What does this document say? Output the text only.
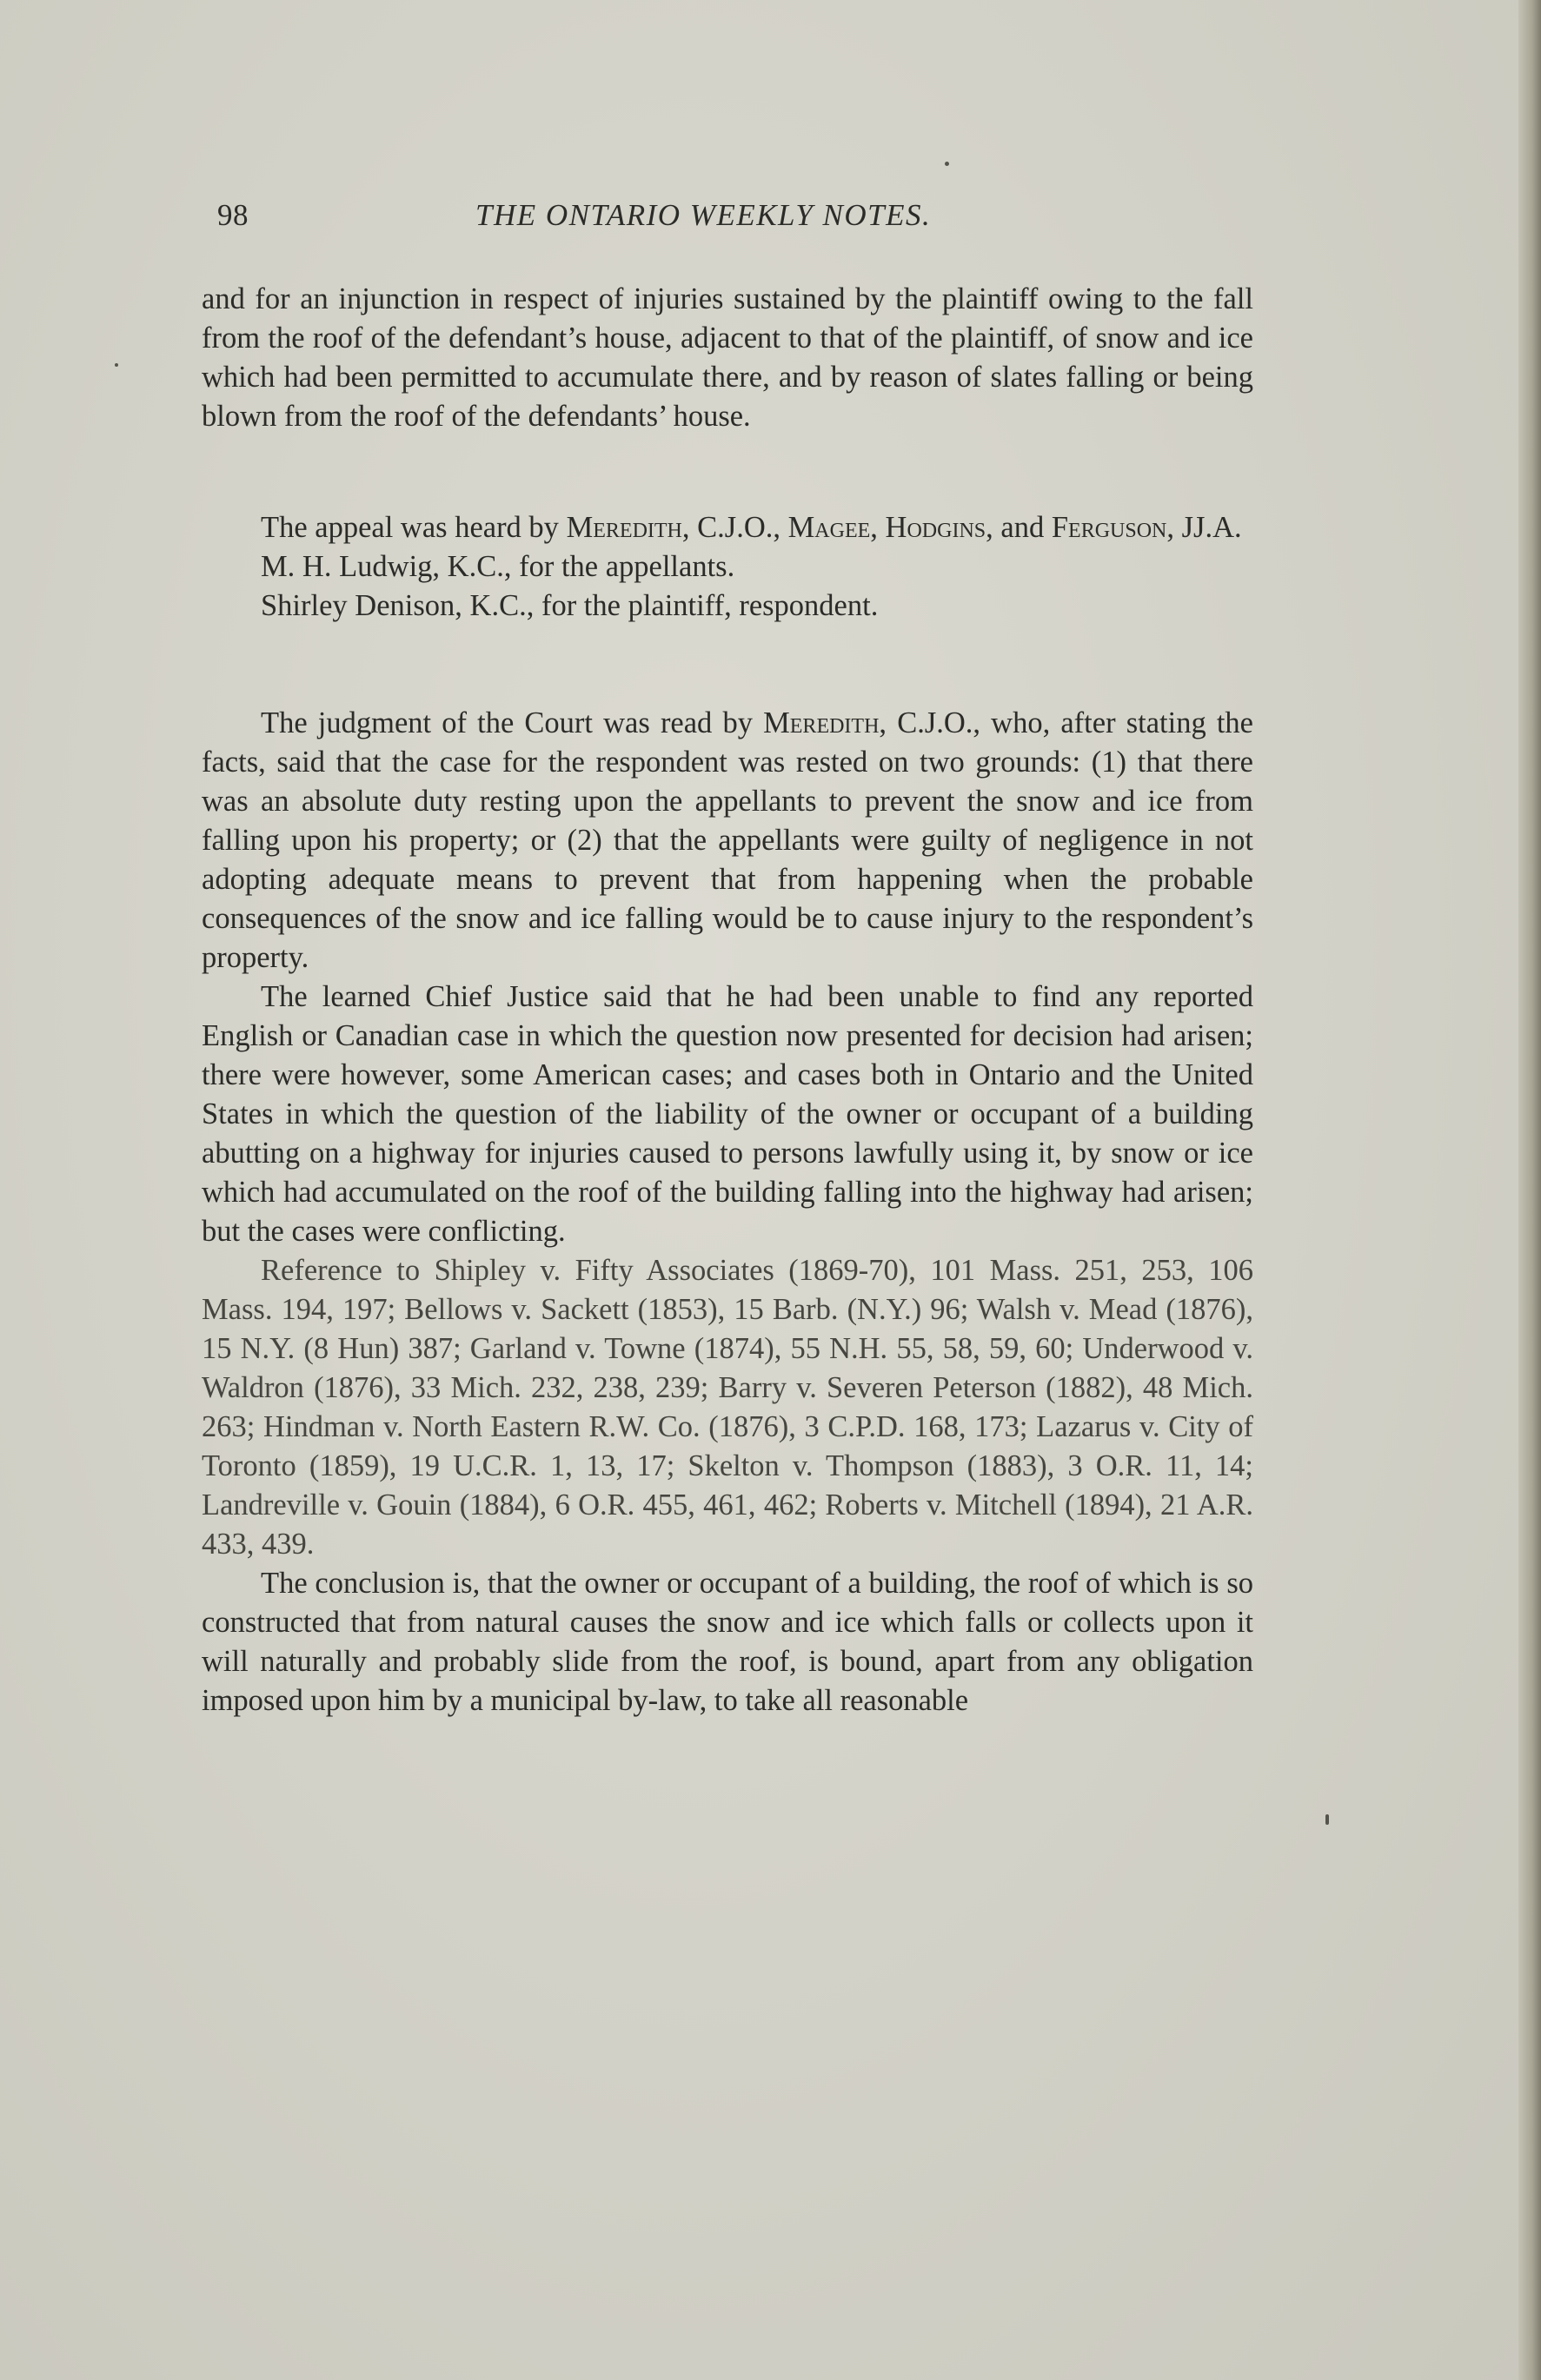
98	THE ONTARIO WEEKLY NOTES.

and for an injunction in respect of injuries sustained by the plaintiff owing to the fall from the roof of the defendant’s house, adjacent to that of the plaintiff, of snow and ice which had been permitted to accumulate there, and by reason of slates falling or being blown from the roof of the defendants’ house.

The appeal was heard by Meredith, C.J.O., Magee, Hodgins, and Ferguson, JJ.A.

M. H. Ludwig, K.C., for the appellants.

Shirley Denison, K.C., for the plaintiff, respondent.

The judgment of the Court was read by Meredith, C.J.O., who, after stating the facts, said that the case for the respondent was rested on two grounds: (1) that there was an absolute duty resting upon the appellants to prevent the snow and ice from falling upon his property; or (2) that the appellants were guilty of negligence in not adopting adequate means to prevent that from happening when the probable consequences of the snow and ice falling would be to cause injury to the respondent’s property.

The learned Chief Justice said that he had been unable to find any reported English or Canadian case in which the question now presented for decision had arisen; there were however, some American cases; and cases both in Ontario and the United States in which the question of the liability of the owner or occupant of a building abutting on a highway for injuries caused to persons lawfully using it, by snow or ice which had accumulated on the roof of the building falling into the highway had arisen; but the cases were conflicting.

Reference to Shipley v. Fifty Associates (1869-70), 101 Mass. 251, 253, 106 Mass. 194, 197; Bellows v. Sackett (1853), 15 Barb. (N.Y.) 96; Walsh v. Mead (1876), 15 N.Y. (8 Hun) 387; Garland v. Towne (1874), 55 N.H. 55, 58, 59, 60; Underwood v. Waldron (1876), 33 Mich. 232, 238, 239; Barry v. Severen Peterson (1882), 48 Mich. 263; Hindman v. North Eastern R.W. Co. (1876), 3 C.P.D. 168, 173; Lazarus v. City of Toronto (1859), 19 U.C.R. 1, 13, 17; Skelton v. Thompson (1883), 3 O.R. 11, 14; Landreville v. Gouin (1884), 6 O.R. 455, 461, 462; Roberts v. Mitchell (1894), 21 A.R. 433, 439.

The conclusion is, that the owner or occupant of a building, the roof of which is so constructed that from natural causes the snow and ice which falls or collects upon it will naturally and probably slide from the roof, is bound, apart from any obligation imposed upon him by a municipal by-law, to take all reasonable
